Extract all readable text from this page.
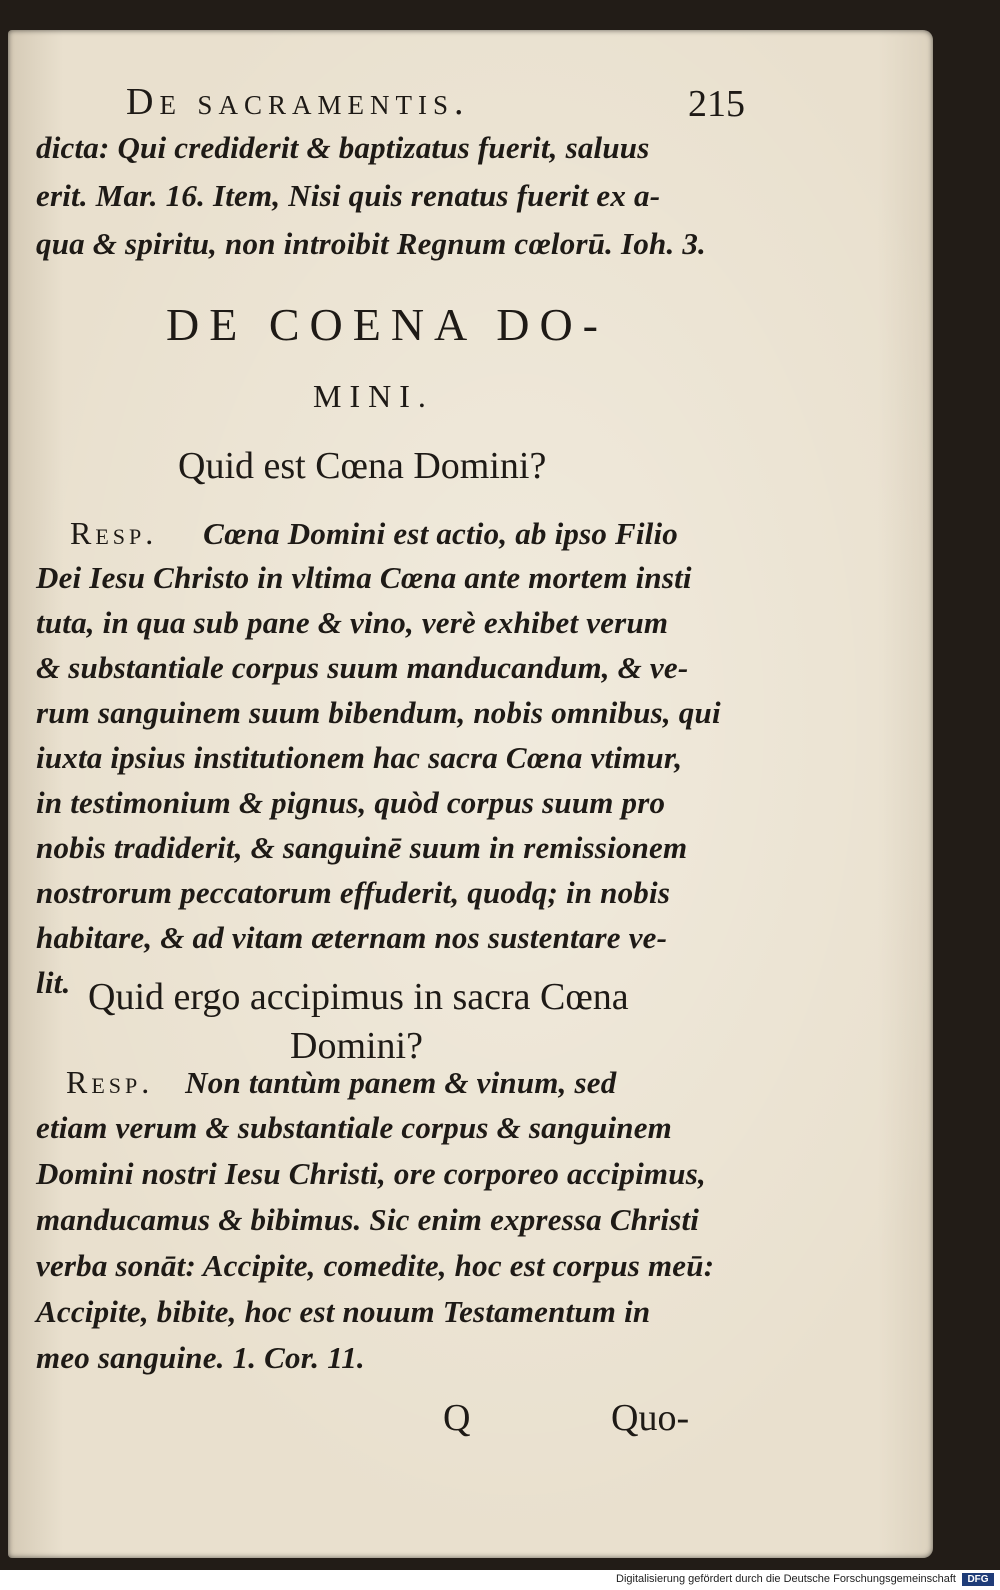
De sacramentis.	215
dicta: Qui crediderit & baptizatus fuerit, saluus
erit. Mar. 16. Item, Nisi quis renatus fuerit ex a-
qua & spiritu, non introibit Regnum cœlorū. Ioh. 3.
DE COENA DO-
MINI.
Quid est Cœna Domini?
Resp. Cœna Domini est actio, ab ipso Filio
Dei Iesu Christo in vltima Cœna ante mortem insti
tuta, in qua sub pane & vino, verè exhibet verum
& substantiale corpus suum manducandum, & ve-
rum sanguinem suum bibendum, nobis omnibus, qui
iuxta ipsius institutionem hac sacra Cœna vtimur,
in testimonium & pignus, quòd corpus suum pro
nobis tradiderit, & sanguinē suum in remissionem
nostrorum peccatorum effuderit, quodq; in nobis
habitare, & ad vitam æternam nos sustentare ve-
lit. Quid ergo accipimus in sacra Cœna
Domini?
Resp. Non tantùm panem & vinum, sed
etiam verum & substantiale corpus & sanguinem
Domini nostri Iesu Christi, ore corporeo accipimus,
manducamus & bibimus. Sic enim expressa Christi
verba sonāt: Accipite, comedite, hoc est corpus meū:
Accipite, bibite, hoc est nouum Testamentum in
meo sanguine. 1. Cor. 11.
Q	Quo-
Digitalisierung gefördert durch die Deutsche Forschungsgemeinschaft	DFG
